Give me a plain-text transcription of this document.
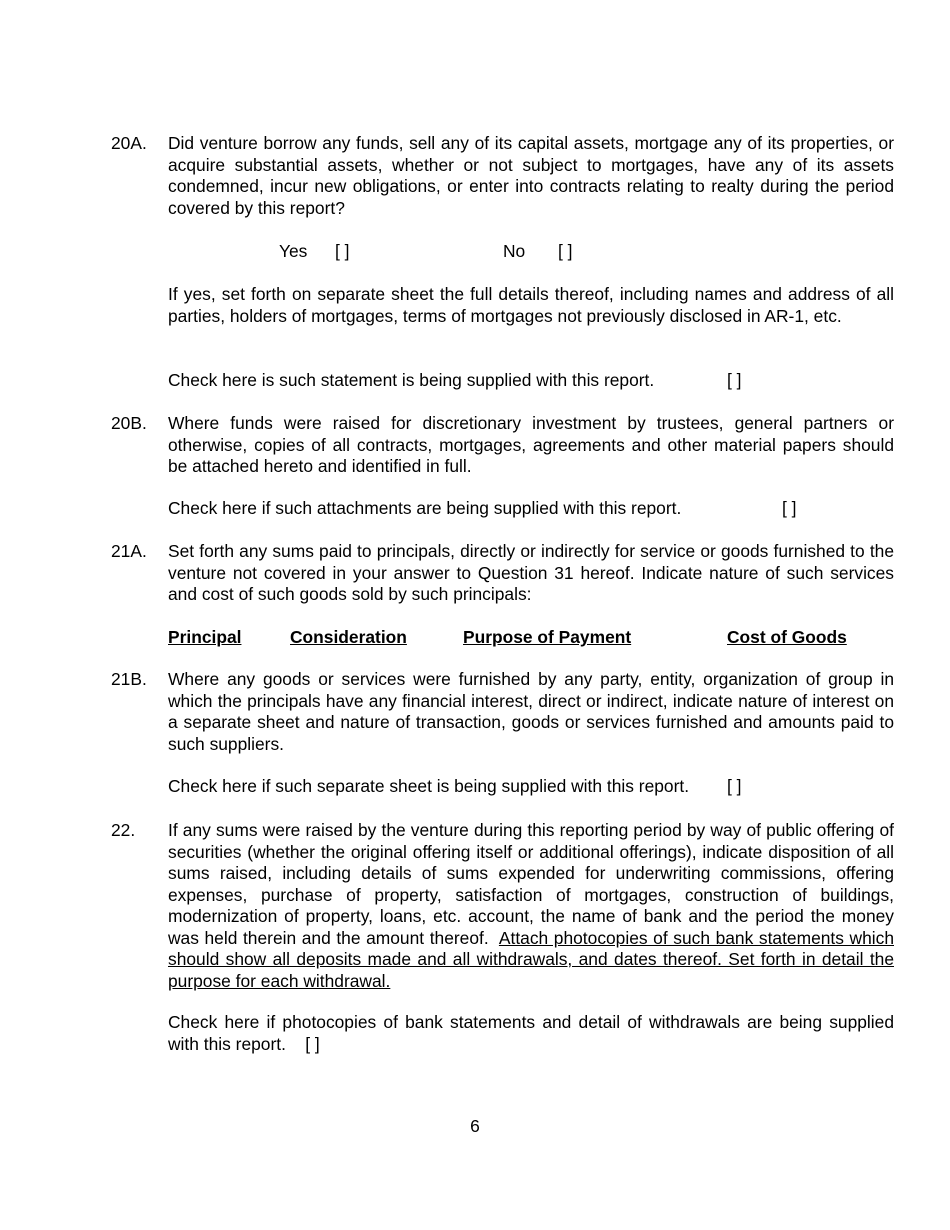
20A. Did venture borrow any funds, sell any of its capital assets, mortgage any of its properties, or acquire substantial assets, whether or not subject to mortgages, have any of its assets condemned, incur new obligations, or enter into contracts relating to realty during the period covered by this report?
Yes [ ]	No [ ]
If yes, set forth on separate sheet the full details thereof, including names and address of all parties, holders of mortgages, terms of mortgages not previously disclosed in AR-1, etc.
Check here is such statement is being supplied with this report.	[ ]
20B. Where funds were raised for discretionary investment by trustees, general partners or otherwise, copies of all contracts, mortgages, agreements and other material papers should be attached hereto and identified in full.
Check here if such attachments are being supplied with this report.	[ ]
21A. Set forth any sums paid to principals, directly or indirectly for service or goods furnished to the venture not covered in your answer to Question 31 hereof. Indicate nature of such services and cost of such goods sold by such principals:
Principal	Consideration	Purpose of Payment	Cost of Goods
21B. Where any goods or services were furnished by any party, entity, organization of group in which the principals have any financial interest, direct or indirect, indicate nature of interest on a separate sheet and nature of transaction, goods or services furnished and amounts paid to such suppliers.
Check here if such separate sheet is being supplied with this report. [ ]
22. If any sums were raised by the venture during this reporting period by way of public offering of securities (whether the original offering itself or additional offerings), indicate disposition of all sums raised, including details of sums expended for underwriting commissions, offering expenses, purchase of property, satisfaction of mortgages, construction of buildings, modernization of property, loans, etc. account, the name of bank and the period the money was held therein and the amount thereof. Attach photocopies of such bank statements which should show all deposits made and all withdrawals, and dates thereof. Set forth in detail the purpose for each withdrawal.
Check here if photocopies of bank statements and detail of withdrawals are being supplied with this report. [ ]
6
